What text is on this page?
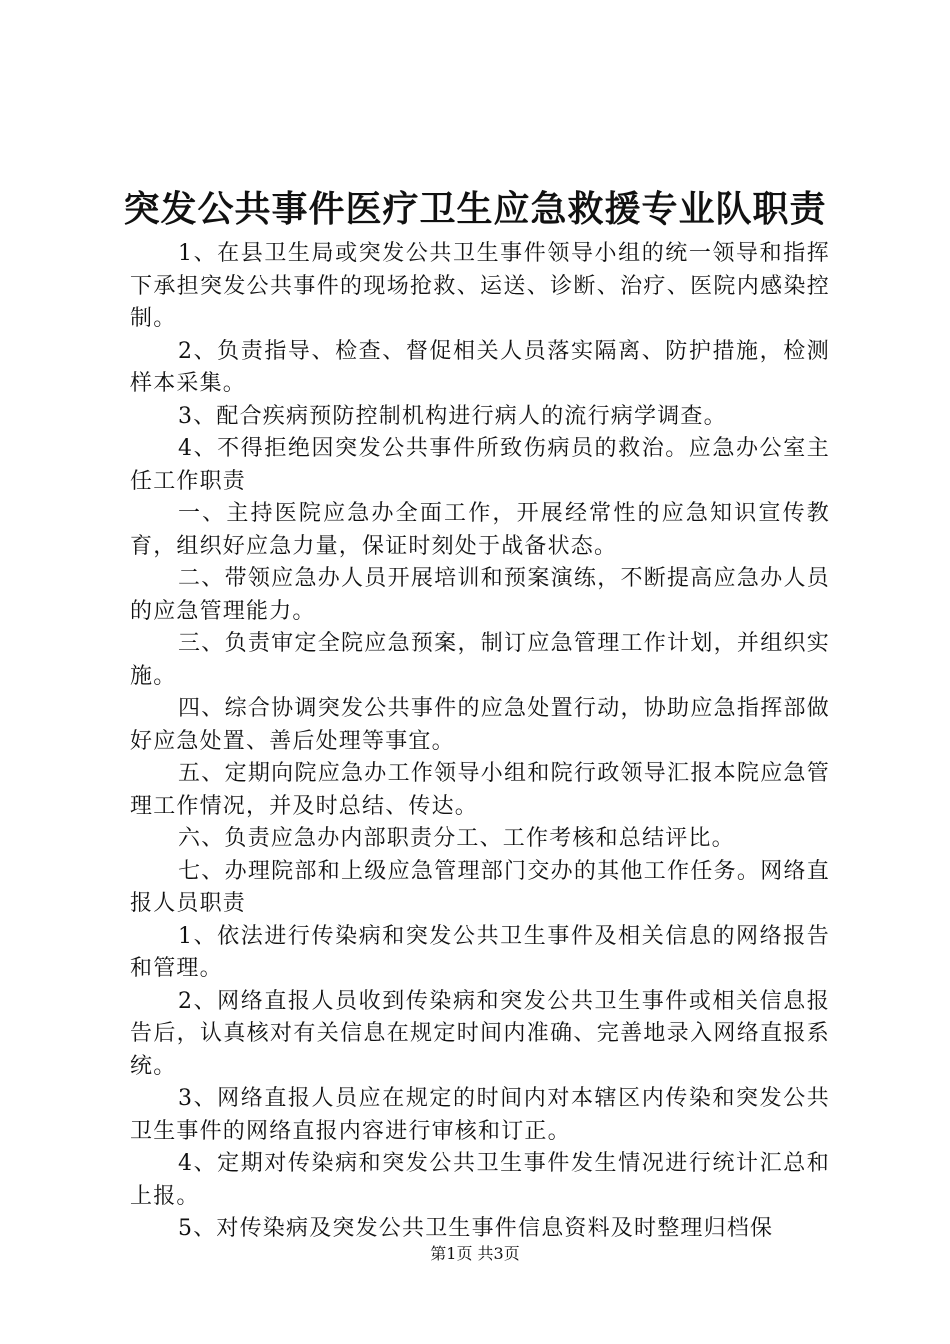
突发公共事件医疗卫生应急救援专业队职责

1、在县卫生局或突发公共卫生事件领导小组的统一领导和指挥下承担突发公共事件的现场抢救、运送、诊断、治疗、医院内感染控制。

2、负责指导、检查、督促相关人员落实隔离、防护措施，检测样本采集。

3、配合疾病预防控制机构进行病人的流行病学调查。

4、不得拒绝因突发公共事件所致伤病员的救治。应急办公室主任工作职责

一、主持医院应急办全面工作，开展经常性的应急知识宣传教育，组织好应急力量，保证时刻处于战备状态。

二、带领应急办人员开展培训和预案演练，不断提高应急办人员的应急管理能力。

三、负责审定全院应急预案，制订应急管理工作计划，并组织实施。

四、综合协调突发公共事件的应急处置行动，协助应急指挥部做好应急处置、善后处理等事宜。

五、定期向院应急办工作领导小组和院行政领导汇报本院应急管理工作情况，并及时总结、传达。

六、负责应急办内部职责分工、工作考核和总结评比。

七、办理院部和上级应急管理部门交办的其他工作任务。网络直报人员职责

1、依法进行传染病和突发公共卫生事件及相关信息的网络报告和管理。

2、网络直报人员收到传染病和突发公共卫生事件或相关信息报告后，认真核对有关信息在规定时间内准确、完善地录入网络直报系统。

3、网络直报人员应在规定的时间内对本辖区内传染和突发公共卫生事件的网络直报内容进行审核和订正。

4、定期对传染病和突发公共卫生事件发生情况进行统计汇总和上报。

5、对传染病及突发公共卫生事件信息资料及时整理归档保

第1页 共3页
